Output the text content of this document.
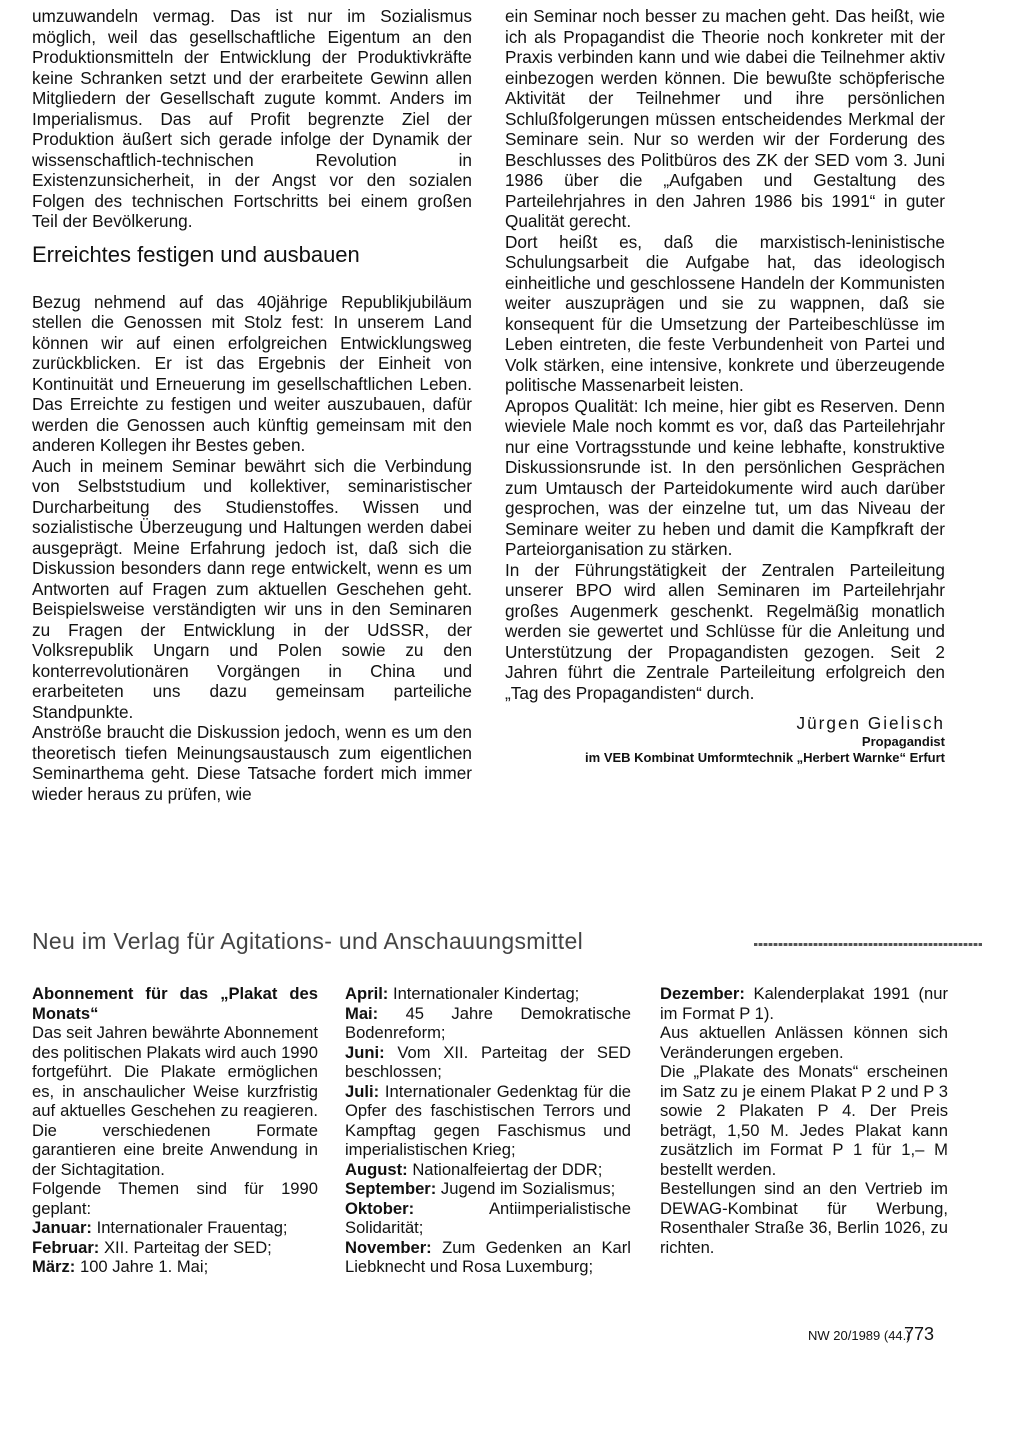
umzuwandeln vermag. Das ist nur im Sozialismus möglich, weil das gesellschaftliche Eigentum an den Produktionsmitteln der Entwicklung der Produktivkräfte keine Schranken setzt und der erarbeitete Gewinn allen Mitgliedern der Gesellschaft zugute kommt. Anders im Imperialismus. Das auf Profit begrenzte Ziel der Produktion äußert sich gerade infolge der Dynamik der wissenschaftlich-technischen Revolution in Existenzunsicherheit, in der Angst vor den sozialen Folgen des technischen Fortschritts bei einem großen Teil der Bevölkerung.

Erreichtes festigen und ausbauen

Bezug nehmend auf das 40jährige Republikjubiläum stellen die Genossen mit Stolz fest: In unserem Land können wir auf einen erfolgreichen Entwicklungsweg zurückblicken. Er ist das Ergebnis der Einheit von Kontinuität und Erneuerung im gesellschaftlichen Leben. Das Erreichte zu festigen und weiter auszubauen, dafür werden die Genossen auch künftig gemeinsam mit den anderen Kollegen ihr Bestes geben.

Auch in meinem Seminar bewährt sich die Verbindung von Selbststudium und kollektiver, seminaristischer Durcharbeitung des Studienstoffes. Wissen und sozialistische Überzeugung und Haltungen werden dabei ausgeprägt. Meine Erfahrung jedoch ist, daß sich die Diskussion besonders dann rege entwickelt, wenn es um Antworten auf Fragen zum aktuellen Geschehen geht. Beispielsweise verständigten wir uns in den Seminaren zu Fragen der Entwicklung in der UdSSR, der Volksrepublik Ungarn und Polen sowie zu den konterrevolutionären Vorgängen in China und erarbeiteten uns dazu gemeinsam parteiliche Standpunkte.

Anströße braucht die Diskussion jedoch, wenn es um den theoretisch tiefen Meinungsaustausch zum eigentlichen Seminarthema geht. Diese Tatsache fordert mich immer wieder heraus zu prüfen, wie

ein Seminar noch besser zu machen geht. Das heißt, wie ich als Propagandist die Theorie noch konkreter mit der Praxis verbinden kann und wie dabei die Teilnehmer aktiv einbezogen werden können. Die bewußte schöpferische Aktivität der Teilnehmer und ihre persönlichen Schlußfolgerungen müssen entscheidendes Merkmal der Seminare sein. Nur so werden wir der Forderung des Beschlusses des Politbüros des ZK der SED vom 3. Juni 1986 über die „Aufgaben und Gestaltung des Parteilehrjahres in den Jahren 1986 bis 1991“ in guter Qualität gerecht.

Dort heißt es, daß die marxistisch-leninistische Schulungsarbeit die Aufgabe hat, das ideologisch einheitliche und geschlossene Handeln der Kommunisten weiter auszuprägen und sie zu wappnen, daß sie konsequent für die Umsetzung der Parteibeschlüsse im Leben eintreten, die feste Verbundenheit von Partei und Volk stärken, eine intensive, konkrete und überzeugende politische Massenarbeit leisten.

Apropos Qualität: Ich meine, hier gibt es Reserven. Denn wieviele Male noch kommt es vor, daß das Parteilehrjahr nur eine Vortragsstunde und keine lebhafte, konstruktive Diskussionsrunde ist. In den persönlichen Gesprächen zum Umtausch der Parteidokumente wird auch darüber gesprochen, was der einzelne tut, um das Niveau der Seminare weiter zu heben und damit die Kampfkraft der Parteiorganisation zu stärken.

In der Führungstätigkeit der Zentralen Parteileitung unserer BPO wird allen Seminaren im Parteilehrjahr großes Augenmerk geschenkt. Regelmäßig monatlich werden sie gewertet und Schlüsse für die Anleitung und Unterstützung der Propagandisten gezogen. Seit 2 Jahren führt die Zentrale Parteileitung erfolgreich den „Tag des Propagandisten“ durch.

Jürgen Gielisch

Propagandist

im VEB Kombinat Umformtechnik „Herbert Warnke“ Erfurt

Neu im Verlag für Agitations- und Anschauungsmittel

Abonnement für das „Plakat des Monats“

Das seit Jahren bewährte Abonnement des politischen Plakats wird auch 1990 fortgeführt. Die Plakate ermöglichen es, in anschaulicher Weise kurzfristig auf aktuelles Geschehen zu reagieren. Die verschiedenen Formate garantieren eine breite Anwendung in der Sichtagitation.

Folgende Themen sind für 1990 geplant:

Januar: Internationaler Frauentag;

Februar: XII. Parteitag der SED;

März: 100 Jahre 1. Mai;

April: Internationaler Kindertag;

Mai: 45 Jahre Demokratische Bodenreform;

Juni: Vom XII. Parteitag der SED beschlossen;

Juli: Internationaler Gedenktag für die Opfer des faschistischen Terrors und Kampftag gegen Faschismus und imperialistischen Krieg;

August: Nationalfeiertag der DDR;

September: Jugend im Sozialismus;

Oktober:	Antiimperialistische Solidarität;

November: Zum Gedenken an Karl Liebknecht und Rosa Luxemburg;

Dezember: Kalenderplakat 1991 (nur im Format P 1).

Aus aktuellen Anlässen können sich Veränderungen ergeben.

Die „Plakate des Monats“ erscheinen im Satz zu je einem Plakat P 2 und P 3 sowie 2 Plakaten P 4. Der Preis beträgt, 1,50 M. Jedes Plakat kann zusätzlich im Format P 1 für 1,– M bestellt werden.

Bestellungen sind an den Vertrieb im DEWAG-Kombinat für Werbung, Rosenthaler Straße 36, Berlin 1026, zu richten.

NW 20/1989 (44.)
773
